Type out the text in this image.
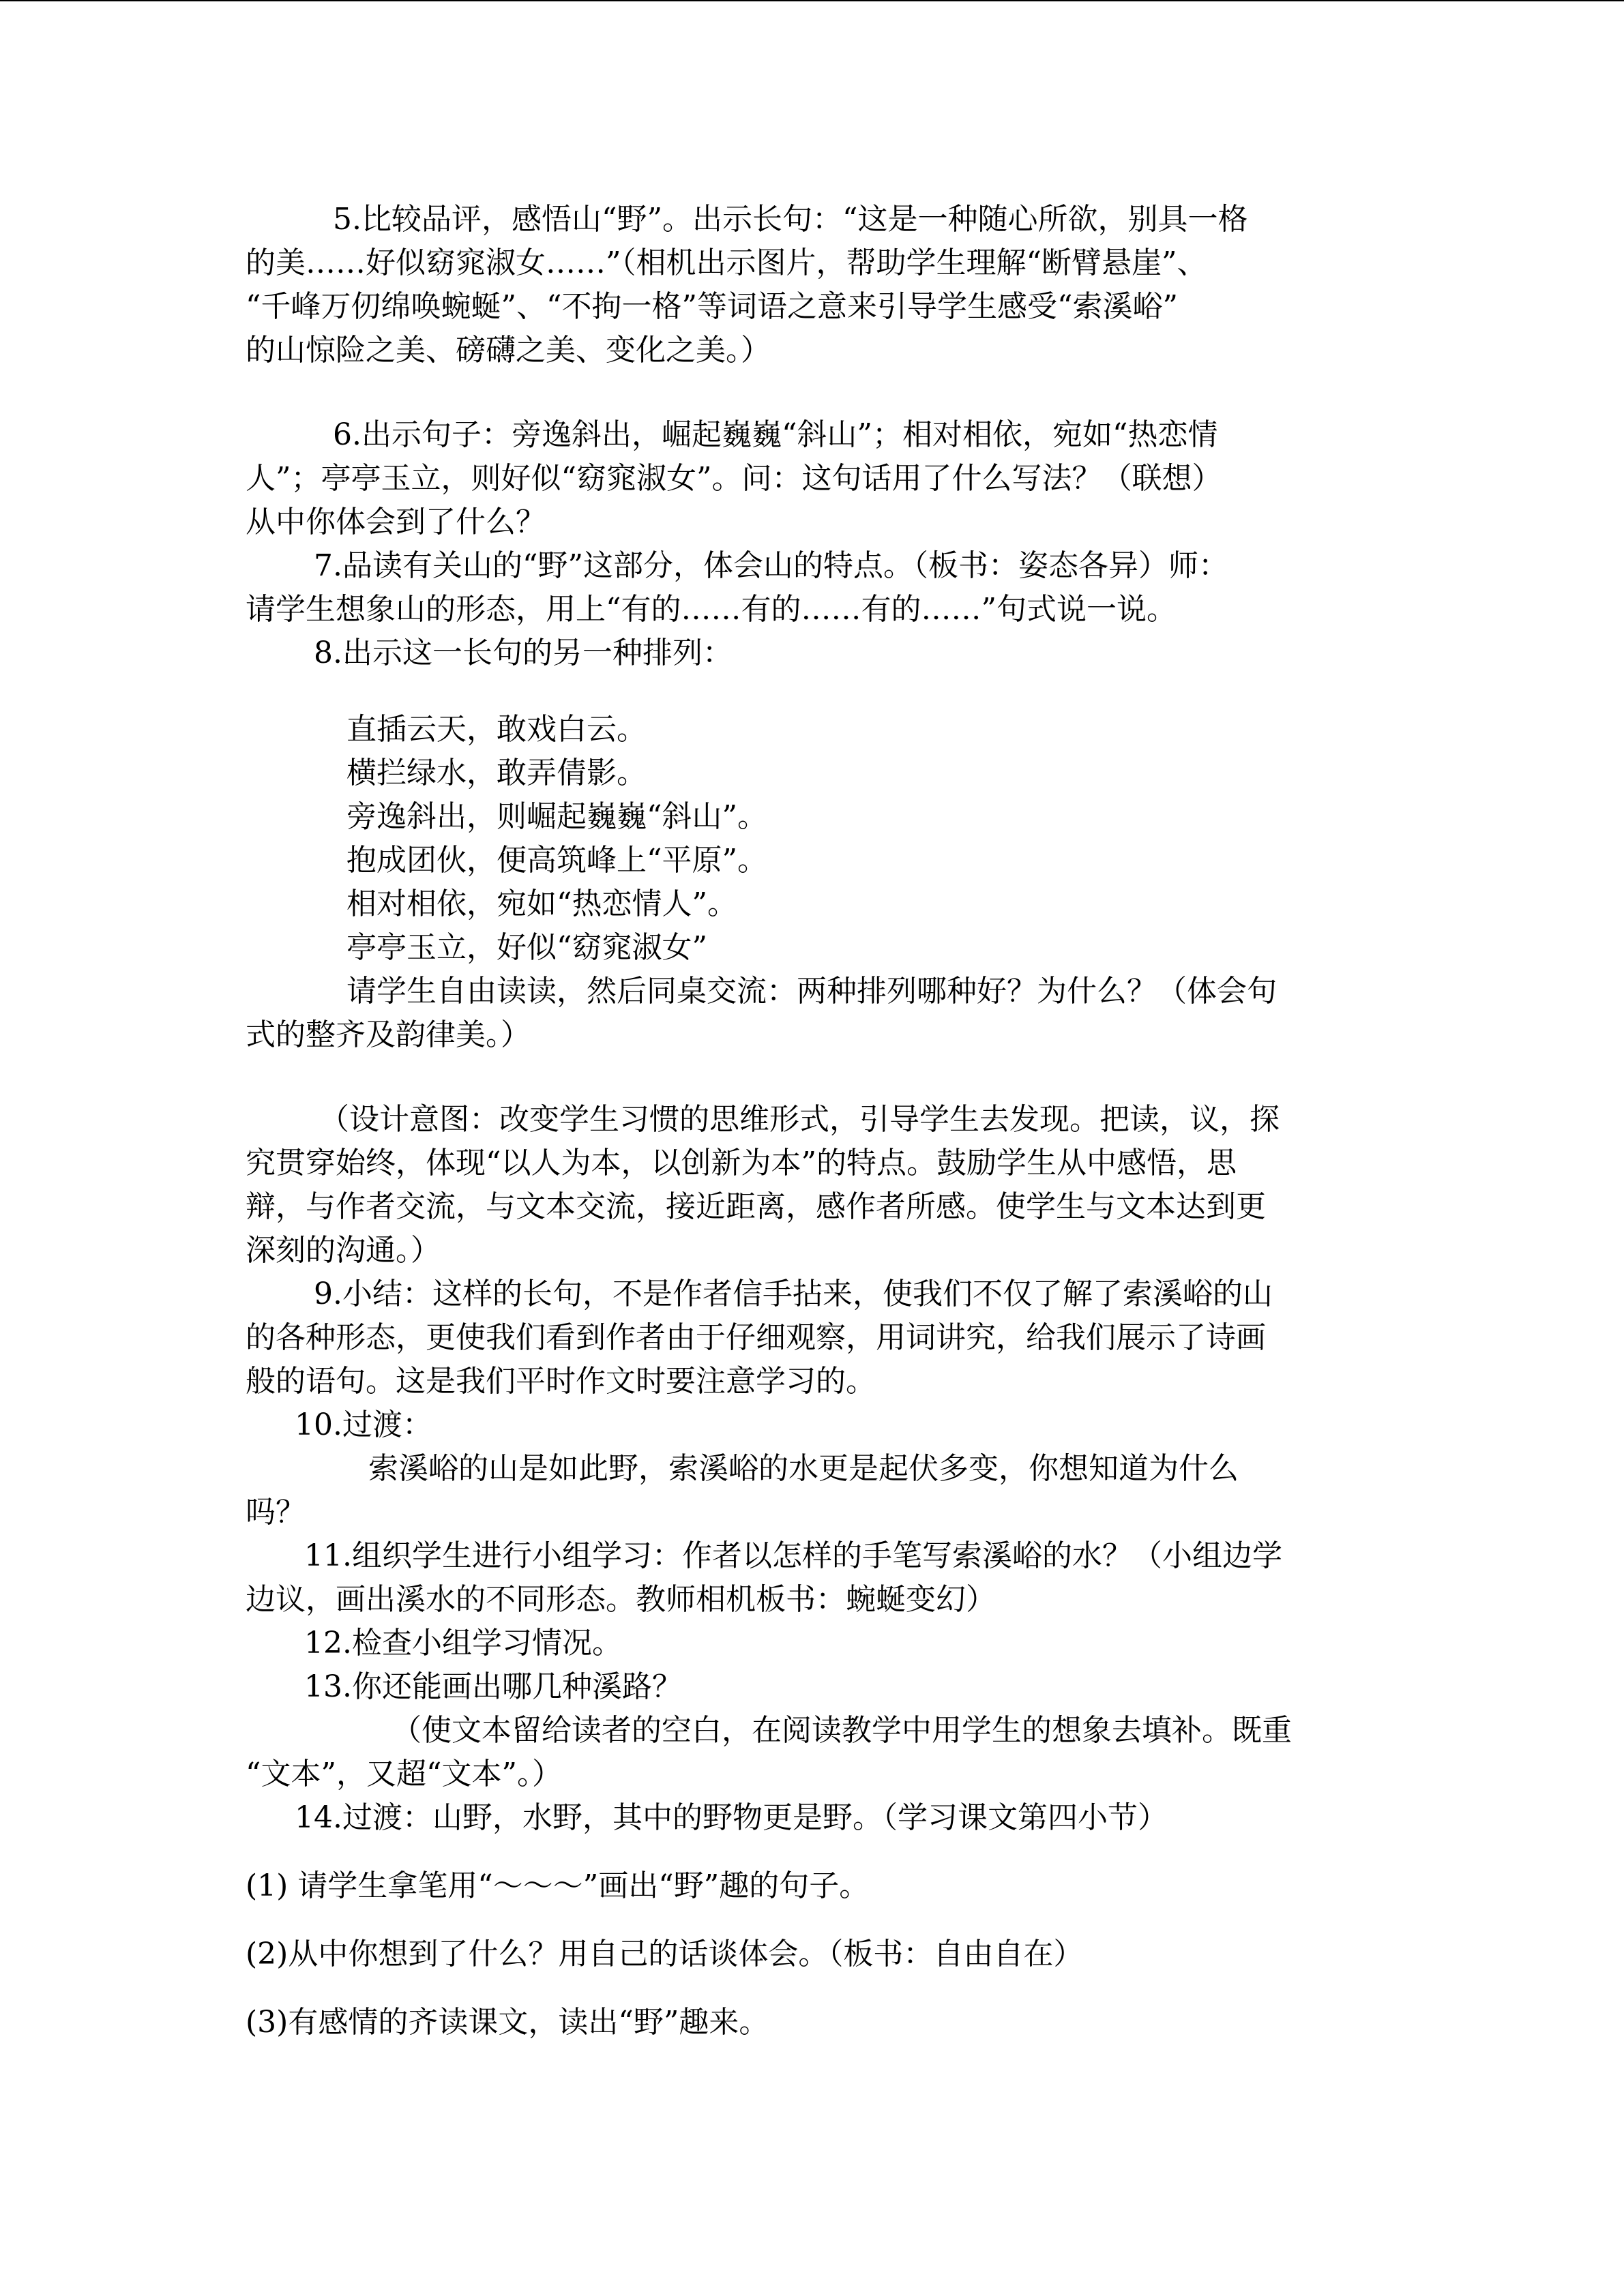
5.比较品评，感悟山“野”。出示长句：“这是一种随心所欲，别具一格

的美……好似窈窕淑女……”（相机出示图片，帮助学生理解“断臂悬崖”、

“千峰万仞绵唤蜿蜒”、“不拘一格”等词语之意来引导学生感受“索溪峪”

的山惊险之美、磅礴之美、变化之美。）

6.出示句子：旁逸斜出，崛起巍巍“斜山”；相对相依，宛如“热恋情

人”；亭亭玉立，则好似“窈窕淑女”。问：这句话用了什么写法？（联想）

从中你体会到了什么？

7.品读有关山的“野”这部分，体会山的特点。（板书：姿态各异）师：

请学生想象山的形态，用上“有的……有的……有的……”句式说一说。

8.出示这一长句的另一种排列：

直插云天，敢戏白云。

横拦绿水，敢弄倩影。

旁逸斜出，则崛起巍巍“斜山”。

抱成团伙，便高筑峰上“平原”。

相对相依，宛如“热恋情人”。

亭亭玉立，好似“窈窕淑女”

请学生自由读读，然后同桌交流：两种排列哪种好？为什么？（体会句

式的整齐及韵律美。）

（设计意图：改变学生习惯的思维形式，引导学生去发现。把读，议，探

究贯穿始终，体现“以人为本，以创新为本”的特点。鼓励学生从中感悟，思

辩，与作者交流，与文本交流，接近距离，感作者所感。使学生与文本达到更

深刻的沟通。）

9.小结：这样的长句，不是作者信手拈来，使我们不仅了解了索溪峪的山

的各种形态，更使我们看到作者由于仔细观察，用词讲究，给我们展示了诗画

般的语句。这是我们平时作文时要注意学习的。

10.过渡：

索溪峪的山是如此野，索溪峪的水更是起伏多变，你想知道为什么

吗？

11.组织学生进行小组学习：作者以怎样的手笔写索溪峪的水？（小组边学

边议，画出溪水的不同形态。教师相机板书：蜿蜒变幻）

12.检查小组学习情况。

13.你还能画出哪几种溪路？

（使文本留给读者的空白，在阅读教学中用学生的想象去填补。既重

“文本”，又超“文本”。）

14.过渡：山野，水野，其中的野物更是野。（学习课文第四小节）

(1) 请学生拿笔用“～～～”画出“野”趣的句子。

(2)从中你想到了什么？用自己的话谈体会。（板书：自由自在）

(3)有感情的齐读课文，读出“野”趣来。
